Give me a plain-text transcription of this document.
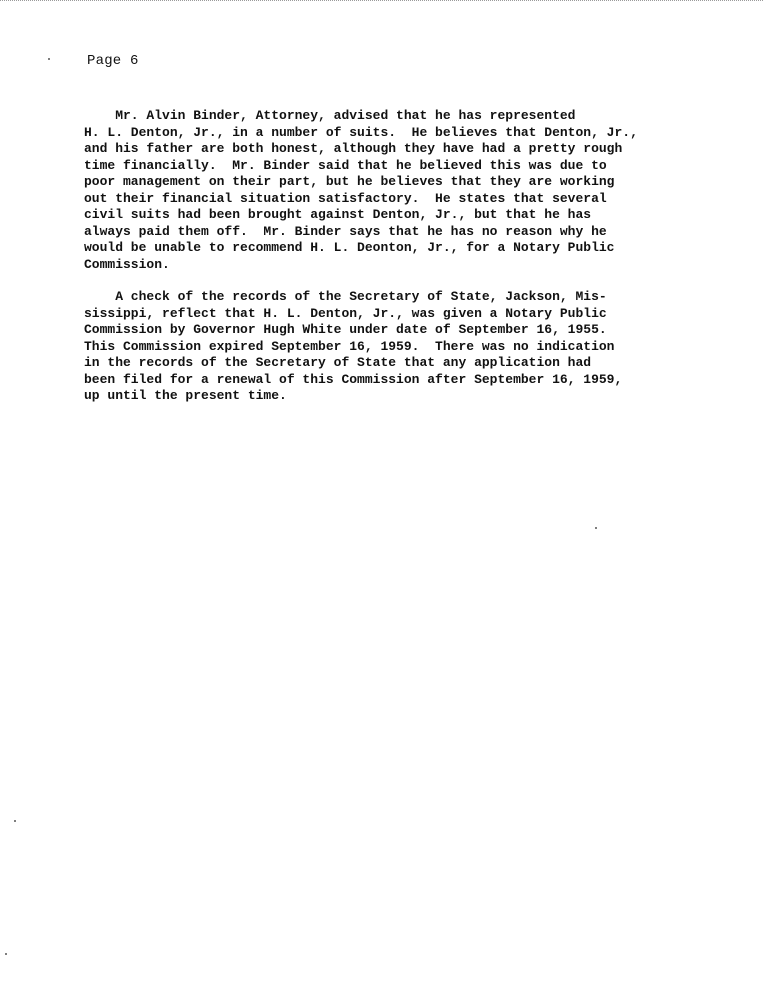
Page 6

Mr. Alvin Binder, Attorney, advised that he has represented
H. L. Denton, Jr., in a number of suits.  He believes that Denton, Jr.,
and his father are both honest, although they have had a pretty rough
time financially.  Mr. Binder said that he believed this was due to
poor management on their part, but he believes that they are working
out their financial situation satisfactory.  He states that several
civil suits had been brought against Denton, Jr., but that he has
always paid them off.  Mr. Binder says that he has no reason why he
would be unable to recommend H. L. Deonton, Jr., for a Notary Public
Commission.

A check of the records of the Secretary of State, Jackson, Mis-
sissippi, reflect that H. L. Denton, Jr., was given a Notary Public
Commission by Governor Hugh White under date of September 16, 1955.
This Commission expired September 16, 1959.  There was no indication
in the records of the Secretary of State that any application had
been filed for a renewal of this Commission after September 16, 1959,
up until the present time.
